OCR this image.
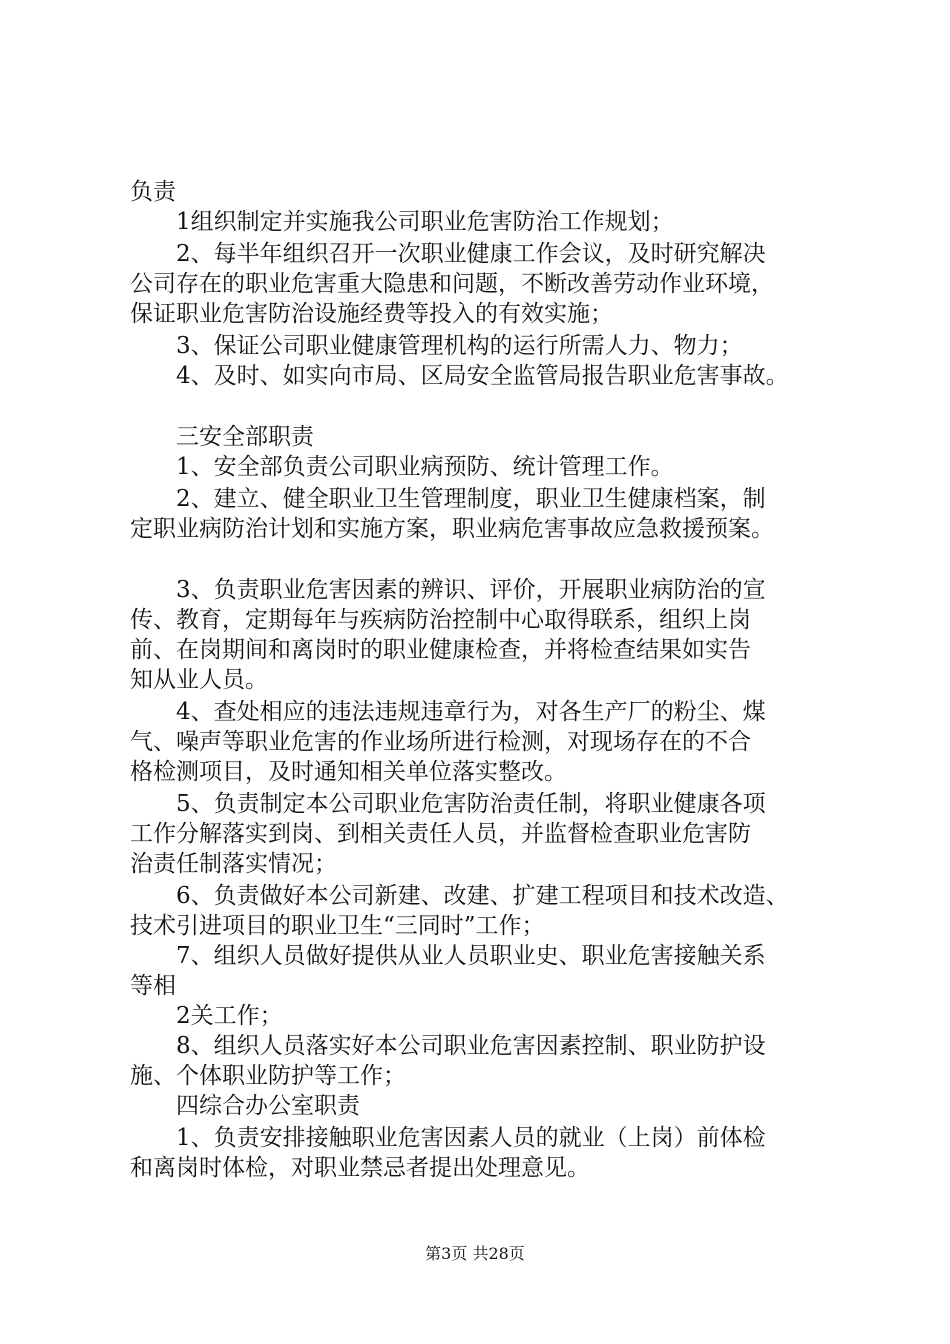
负责
1组织制定并实施我公司职业危害防治工作规划；
2、每半年组织召开一次职业健康工作会议，及时研究解决
公司存在的职业危害重大隐患和问题，不断改善劳动作业环境，
保证职业危害防治设施经费等投入的有效实施；
3、保证公司职业健康管理机构的运行所需人力、物力；
4、及时、如实向市局、区局安全监管局报告职业危害事故。
三安全部职责
1、安全部负责公司职业病预防、统计管理工作。
2、建立、健全职业卫生管理制度，职业卫生健康档案，制
定职业病防治计划和实施方案，职业病危害事故应急救援预案。
3、负责职业危害因素的辨识、评价，开展职业病防治的宣
传、教育，定期每年与疾病防治控制中心取得联系，组织上岗
前、在岗期间和离岗时的职业健康检查，并将检查结果如实告
知从业人员。
4、查处相应的违法违规违章行为，对各生产厂的粉尘、煤
气、噪声等职业危害的作业场所进行检测，对现场存在的不合
格检测项目，及时通知相关单位落实整改。
5、负责制定本公司职业危害防治责任制，将职业健康各项
工作分解落实到岗、到相关责任人员，并监督检查职业危害防
治责任制落实情况；
6、负责做好本公司新建、改建、扩建工程项目和技术改造、
技术引进项目的职业卫生“三同时”工作；
7、组织人员做好提供从业人员职业史、职业危害接触关系
等相
2关工作；
8、组织人员落实好本公司职业危害因素控制、职业防护设
施、个体职业防护等工作；
四综合办公室职责
1、负责安排接触职业危害因素人员的就业（上岗）前体检
和离岗时体检，对职业禁忌者提出处理意见。
第3页 共28页
